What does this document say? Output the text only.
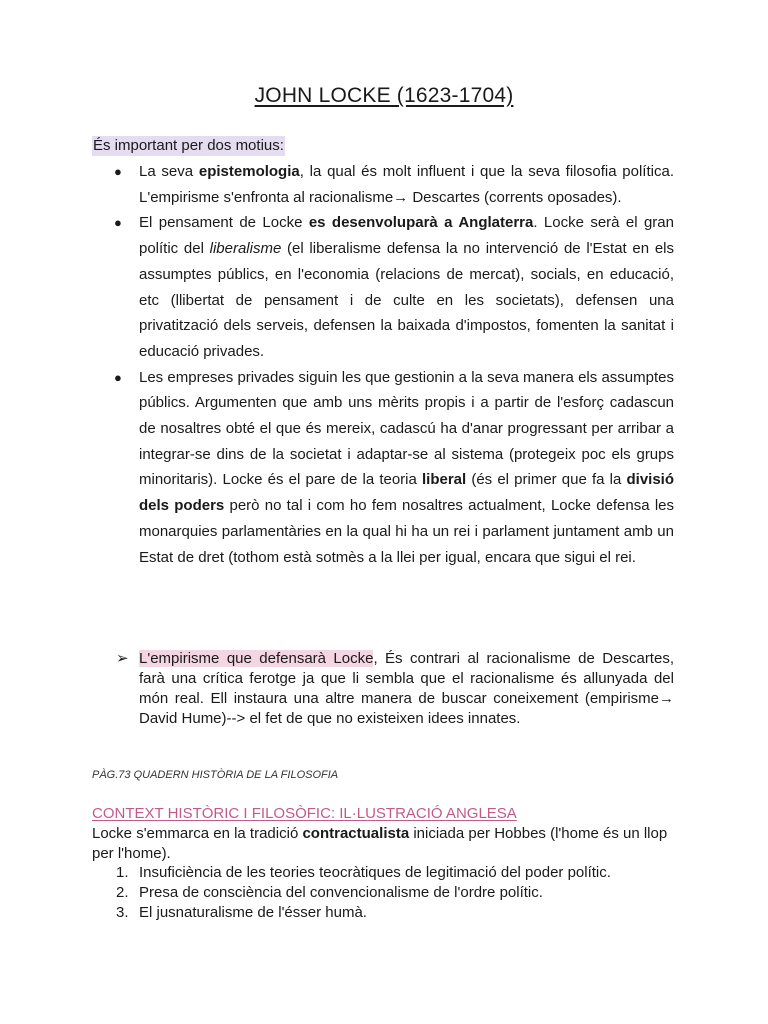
JOHN LOCKE (1623-1704)
És important per dos motius:
● La seva epistemologia, la qual és molt influent i que la seva filosofia política. L'empirisme s'enfronta al racionalisme→ Descartes (corrents oposades).
● El pensament de Locke es desenvoluparà a Anglaterra. Locke serà el gran polític del liberalisme (el liberalisme defensa la no intervenció de l'Estat en els assumptes públics, en l'economia (relacions de mercat), socials, en educació, etc (llibertat de pensament i de culte en les societats), defensen una privatització dels serveis, defensen la baixada d'impostos, fomenten la sanitat i educació privades.
● Les empreses privades siguin les que gestionin a la seva manera els assumptes públics. Argumenten que amb uns mèrits propis i a partir de l'esforç cadascun de nosaltres obté el que és mereix, cadascú ha d'anar progressant per arribar a integrar-se dins de la societat i adaptar-se al sistema (protegeix poc els grups minoritaris). Locke és el pare de la teoria liberal (és el primer que fa la divisió dels poders però no tal i com ho fem nosaltres actualment, Locke defensa les monarquies parlamentàries en la qual hi ha un rei i parlament juntament amb un Estat de dret (tothom està sotmès a la llei per igual, encara que sigui el rei.
➢ L'empirisme que defensarà Locke, És contrari al racionalisme de Descartes, farà una crítica ferotge ja que li sembla que el racionalisme és allunyada del món real. Ell instaura una altre manera de buscar coneixement (empirisme→ David Hume)--> el fet de que no existeixen idees innates.
PÀG.73 QUADERN HISTÒRIA DE LA FILOSOFIA
CONTEXT HISTÒRIC I FILOSÒFIC: IL·LUSTRACIÓ ANGLESA
Locke s'emmarca en la tradició contractualista iniciada per Hobbes (l'home és un llop per l'home).
1. Insuficiència de les teories teocràtiques de legitimació del poder polític.
2. Presa de consciència del convencionalisme de l'ordre polític.
3. El jusnaturalisme de l'ésser humà.
